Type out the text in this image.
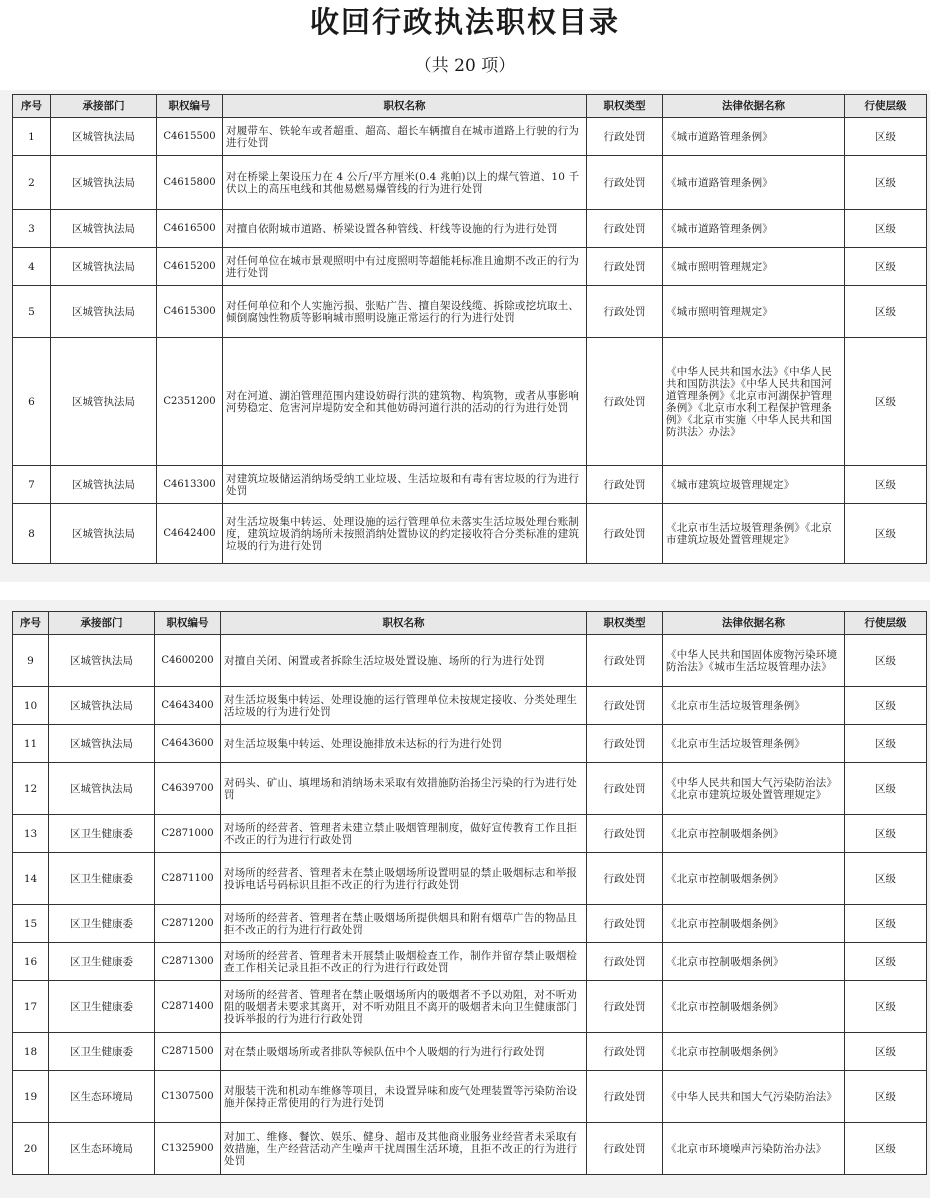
收回行政执法职权目录
（共 20 项）
序号	承接部门	职权编号	职权名称	职权类型	法律依据名称	行使层级
1	区城管执法局	C4615500	对履带车、铁轮车或者超重、超高、超长车辆擅自在城市道路上行驶的行为进行处罚	行政处罚	《城市道路管理条例》	区级
2	区城管执法局	C4615800	对在桥梁上架设压力在 4 公斤/平方厘米(0.4 兆帕)以上的煤气管道、10 千伏以上的高压电线和其他易燃易爆管线的行为进行处罚	行政处罚	《城市道路管理条例》	区级
3	区城管执法局	C4616500	对擅自依附城市道路、桥梁设置各种管线、杆线等设施的行为进行处罚	行政处罚	《城市道路管理条例》	区级
4	区城管执法局	C4615200	对任何单位在城市景观照明中有过度照明等超能耗标准且逾期不改正的行为进行处罚	行政处罚	《城市照明管理规定》	区级
5	区城管执法局	C4615300	对任何单位和个人实施污损、张贴广告、擅自架设线缆、拆除或挖坑取土、倾倒腐蚀性物质等影响城市照明设施正常运行的行为进行处罚	行政处罚	《城市照明管理规定》	区级
6	区城管执法局	C2351200	对在河道、湖泊管理范围内建设妨碍行洪的建筑物、构筑物，或者从事影响河势稳定、危害河岸堤防安全和其他妨碍河道行洪的活动的行为进行处罚	行政处罚	《中华人民共和国水法》《中华人民共和国防洪法》《中华人民共和国河道管理条例》《北京市河湖保护管理条例》《北京市水利工程保护管理条例》《北京市实施〈中华人民共和国防洪法〉办法》	区级
7	区城管执法局	C4613300	对建筑垃圾储运消纳场受纳工业垃圾、生活垃圾和有毒有害垃圾的行为进行处罚	行政处罚	《城市建筑垃圾管理规定》	区级
8	区城管执法局	C4642400	对生活垃圾集中转运、处理设施的运行管理单位未落实生活垃圾处理台账制度，建筑垃圾消纳场所未按照消纳处置协议的约定接收符合分类标准的建筑垃圾的行为进行处罚	行政处罚	《北京市生活垃圾管理条例》《北京市建筑垃圾处置管理规定》	区级
序号	承接部门	职权编号	职权名称	职权类型	法律依据名称	行使层级
9	区城管执法局	C4600200	对擅自关闭、闲置或者拆除生活垃圾处置设施、场所的行为进行处罚	行政处罚	《中华人民共和国固体废物污染环境防治法》《城市生活垃圾管理办法》	区级
10	区城管执法局	C4643400	对生活垃圾集中转运、处理设施的运行管理单位未按规定接收、分类处理生活垃圾的行为进行处罚	行政处罚	《北京市生活垃圾管理条例》	区级
11	区城管执法局	C4643600	对生活垃圾集中转运、处理设施排放未达标的行为进行处罚	行政处罚	《北京市生活垃圾管理条例》	区级
12	区城管执法局	C4639700	对码头、矿山、填埋场和消纳场未采取有效措施防治扬尘污染的行为进行处罚	行政处罚	《中华人民共和国大气污染防治法》《北京市建筑垃圾处置管理规定》	区级
13	区卫生健康委	C2871000	对场所的经营者、管理者未建立禁止吸烟管理制度，做好宣传教育工作且拒不改正的行为进行行政处罚	行政处罚	《北京市控制吸烟条例》	区级
14	区卫生健康委	C2871100	对场所的经营者、管理者未在禁止吸烟场所设置明显的禁止吸烟标志和举报投诉电话号码标识且拒不改正的行为进行行政处罚	行政处罚	《北京市控制吸烟条例》	区级
15	区卫生健康委	C2871200	对场所的经营者、管理者在禁止吸烟场所提供烟具和附有烟草广告的物品且拒不改正的行为进行行政处罚	行政处罚	《北京市控制吸烟条例》	区级
16	区卫生健康委	C2871300	对场所的经营者、管理者未开展禁止吸烟检查工作，制作并留存禁止吸烟检查工作相关记录且拒不改正的行为进行行政处罚	行政处罚	《北京市控制吸烟条例》	区级
17	区卫生健康委	C2871400	对场所的经营者、管理者在禁止吸烟场所内的吸烟者不予以劝阻，对不听劝阻的吸烟者未要求其离开，对不听劝阻且不离开的吸烟者未向卫生健康部门投诉举报的行为进行行政处罚	行政处罚	《北京市控制吸烟条例》	区级
18	区卫生健康委	C2871500	对在禁止吸烟场所或者排队等候队伍中个人吸烟的行为进行行政处罚	行政处罚	《北京市控制吸烟条例》	区级
19	区生态环境局	C1307500	对服装干洗和机动车维修等项目，未设置异味和废气处理装置等污染防治设施并保持正常使用的行为进行处罚	行政处罚	《中华人民共和国大气污染防治法》	区级
20	区生态环境局	C1325900	对加工、维修、餐饮、娱乐、健身、超市及其他商业服务业经营者未采取有效措施，生产经营活动产生噪声干扰周围生活环境，且拒不改正的行为进行处罚	行政处罚	《北京市环境噪声污染防治办法》	区级
